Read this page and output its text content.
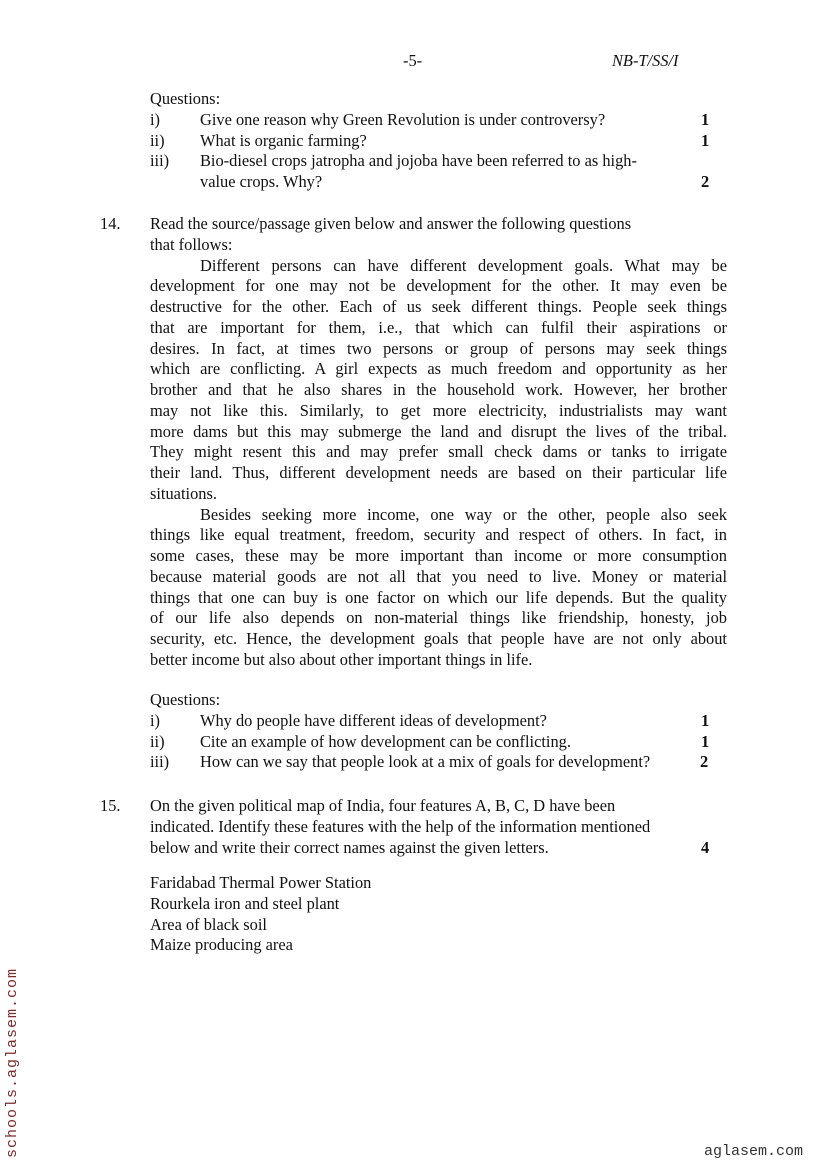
-5-	NB-T/SS/I
Questions:
i) Give one reason why Green Revolution is under controversy?	1
ii) What is organic farming?	1
iii) Bio-diesel crops jatropha and jojoba have been referred to as high-
value crops. Why?	2
14. Read the source/passage given below and answer the following questions
that follows:
Different persons can have different development goals. What may be
development for one may not be development for the other. It may even be
destructive for the other. Each of us seek different things. People seek things
that are important for them, i.e., that which can fulfil their aspirations or
desires. In fact, at times two persons or group of persons may seek things
which are conflicting. A girl expects as much freedom and opportunity as her
brother and that he also shares in the household work. However, her brother
may not like this. Similarly, to get more electricity, industrialists may want
more dams but this may submerge the land and disrupt the lives of the tribal.
They might resent this and may prefer small check dams or tanks to irrigate
their land. Thus, different development needs are based on their particular life
situations.
Besides seeking more income, one way or the other, people also seek
things like equal treatment, freedom, security and respect of others. In fact, in
some cases, these may be more important than income or more consumption
because material goods are not all that you need to live. Money or material
things that one can buy is one factor on which our life depends. But the quality
of our life also depends on non-material things like friendship, honesty, job
security, etc. Hence, the development goals that people have are not only about
better income but also about other important things in life.
Questions:
i) Why do people have different ideas of development?	1
ii) Cite an example of how development can be conflicting.	1
iii) How can we say that people look at a mix of goals for development?	2
15. On the given political map of India, four features A, B, C, D have been
indicated. Identify these features with the help of the information mentioned
below and write their correct names against the given letters.	4
Faridabad Thermal Power Station
Rourkela iron and steel plant
Area of black soil
Maize producing area
schools.aglasem.com	aglasem.com
